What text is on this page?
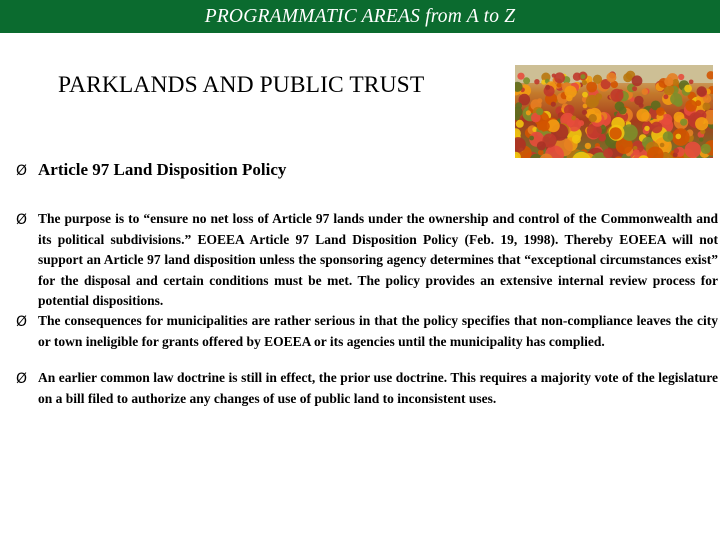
PROGRAMMATIC AREAS from A to Z
PARKLANDS AND PUBLIC TRUST
Ø Article 97 Land Disposition Policy
Ø The purpose is to “ensure no net loss of Article 97 lands under the ownership and control of the Commonwealth and its political subdivisions.” EOEEA Article 97 Land Disposition Policy (Feb. 19, 1998). Thereby EOEEA will not support an Article 97 land disposition unless the sponsoring agency determines that “exceptional circumstances exist” for the disposal and certain conditions must be met. The policy provides an extensive internal review process for potential dispositions.
Ø The consequences for municipalities are rather serious in that the policy specifies that non-compliance leaves the city or town ineligible for grants offered by EOEEA or its agencies until the municipality has complied.
Ø An earlier common law doctrine is still in effect, the prior use doctrine. This requires a majority vote of the legislature on a bill filed to authorize any changes of use of public land to inconsistent uses.
